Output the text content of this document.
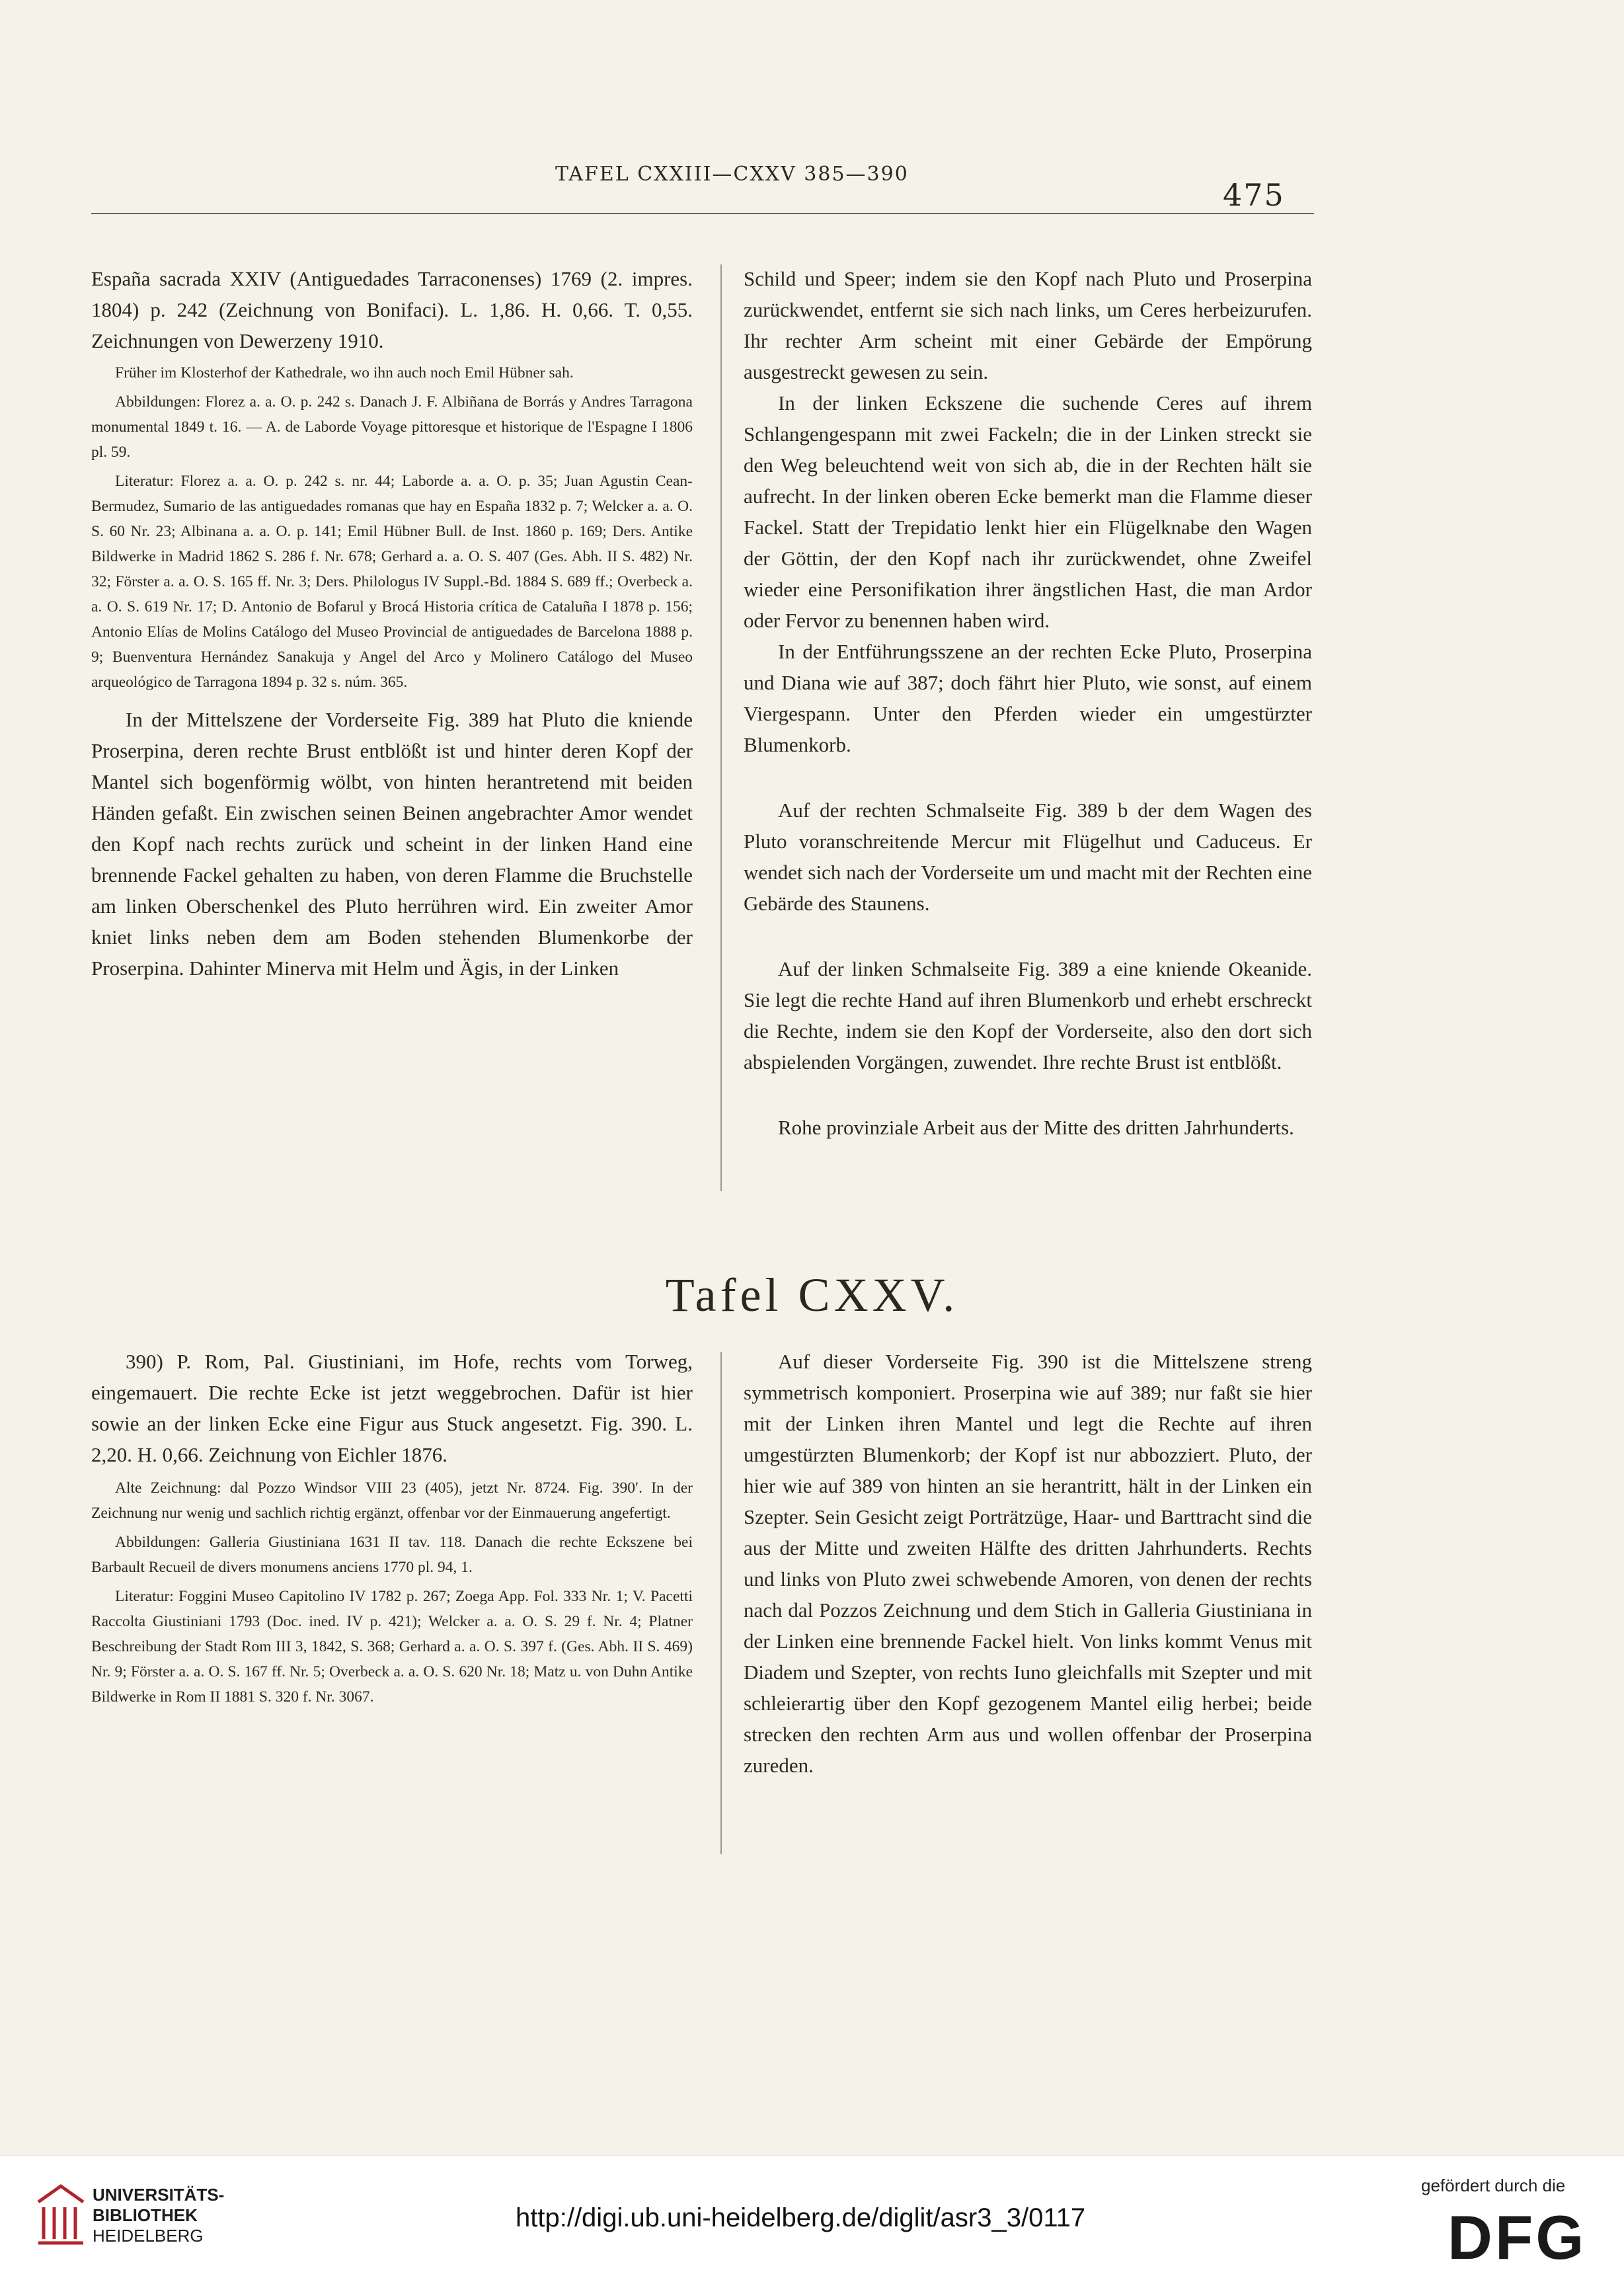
TAFEL CXXIII—CXXV 385—390
475

España sacrada XXIV (Antiguedades Tarraconenses) 1769 (2. impres. 1804) p. 242 (Zeichnung von Bonifaci). L. 1,86. H. 0,66. T. 0,55. Zeichnungen von Dewerzeny 1910.

Früher im Klosterhof der Kathedrale, wo ihn auch noch Emil Hübner sah.

Abbildungen: Florez a. a. O. p. 242 s. Danach J. F. Albiñana de Borrás y Andres Tarragona monumental 1849 t. 16. — A. de Laborde Voyage pittoresque et historique de l'Espagne I 1806 pl. 59.

Literatur: Florez a. a. O. p. 242 s. nr. 44; Laborde a. a. O. p. 35; Juan Agustin Cean-Bermudez, Sumario de las antiguedades romanas que hay en España 1832 p. 7; Welcker a. a. O. S. 60 Nr. 23; Albinana a. a. O. p. 141; Emil Hübner Bull. de Inst. 1860 p. 169; Ders. Antike Bildwerke in Madrid 1862 S. 286 f. Nr. 678; Gerhard a. a. O. S. 407 (Ges. Abh. II S. 482) Nr. 32; Förster a. a. O. S. 165 ff. Nr. 3; Ders. Philologus IV Suppl.-Bd. 1884 S. 689 ff.; Overbeck a. a. O. S. 619 Nr. 17; D. Antonio de Bofarul y Brocá Historia crítica de Cataluña I 1878 p. 156; Antonio Elías de Molins Catálogo del Museo Provincial de antiguedades de Barcelona 1888 p. 9; Buenventura Hernández Sanakuja y Angel del Arco y Molinero Catálogo del Museo arqueológico de Tarragona 1894 p. 32 s. núm. 365.

In der Mittelszene der Vorderseite Fig. 389 hat Pluto die kniende Proserpina, deren rechte Brust entblößt ist und hinter deren Kopf der Mantel sich bogenförmig wölbt, von hinten herantretend mit beiden Händen gefaßt. Ein zwischen seinen Beinen angebrachter Amor wendet den Kopf nach rechts zurück und scheint in der linken Hand eine brennende Fackel gehalten zu haben, von deren Flamme die Bruchstelle am linken Oberschenkel des Pluto herrühren wird. Ein zweiter Amor kniet links neben dem am Boden stehenden Blumenkorbe der Proserpina. Dahinter Minerva mit Helm und Ägis, in der Linken

Schild und Speer; indem sie den Kopf nach Pluto und Proserpina zurückwendet, entfernt sie sich nach links, um Ceres herbeizurufen. Ihr rechter Arm scheint mit einer Gebärde der Empörung ausgestreckt gewesen zu sein.

In der linken Eckszene die suchende Ceres auf ihrem Schlangengespann mit zwei Fackeln; die in der Linken streckt sie den Weg beleuchtend weit von sich ab, die in der Rechten hält sie aufrecht. In der linken oberen Ecke bemerkt man die Flamme dieser Fackel. Statt der Trepidatio lenkt hier ein Flügelknabe den Wagen der Göttin, der den Kopf nach ihr zurückwendet, ohne Zweifel wieder eine Personifikation ihrer ängstlichen Hast, die man Ardor oder Fervor zu benennen haben wird.

In der Entführungsszene an der rechten Ecke Pluto, Proserpina und Diana wie auf 387; doch fährt hier Pluto, wie sonst, auf einem Viergespann. Unter den Pferden wieder ein umgestürzter Blumenkorb.

Auf der rechten Schmalseite Fig. 389 b der dem Wagen des Pluto voranschreitende Mercur mit Flügelhut und Caduceus. Er wendet sich nach der Vorderseite um und macht mit der Rechten eine Gebärde des Staunens.

Auf der linken Schmalseite Fig. 389 a eine kniende Okeanide. Sie legt die rechte Hand auf ihren Blumenkorb und erhebt erschreckt die Rechte, indem sie den Kopf der Vorderseite, also den dort sich abspielenden Vorgängen, zuwendet. Ihre rechte Brust ist entblößt.

Rohe provinziale Arbeit aus der Mitte des dritten Jahrhunderts.

Tafel CXXV.

390) P. Rom, Pal. Giustiniani, im Hofe, rechts vom Torweg, eingemauert. Die rechte Ecke ist jetzt weggebrochen. Dafür ist hier sowie an der linken Ecke eine Figur aus Stuck angesetzt. Fig. 390. L. 2,20. H. 0,66. Zeichnung von Eichler 1876.

Alte Zeichnung: dal Pozzo Windsor VIII 23 (405), jetzt Nr. 8724. Fig. 390′. In der Zeichnung nur wenig und sachlich richtig ergänzt, offenbar vor der Einmauerung angefertigt.

Abbildungen: Galleria Giustiniana 1631 II tav. 118. Danach die rechte Eckszene bei Barbault Recueil de divers monumens anciens 1770 pl. 94, 1.

Literatur: Foggini Museo Capitolino IV 1782 p. 267; Zoega App. Fol. 333 Nr. 1; V. Pacetti Raccolta Giustiniani 1793 (Doc. ined. IV p. 421); Welcker a. a. O. S. 29 f. Nr. 4; Platner Beschreibung der Stadt Rom III 3, 1842, S. 368; Gerhard a. a. O. S. 397 f. (Ges. Abh. II S. 469) Nr. 9; Förster a. a. O. S. 167 ff. Nr. 5; Overbeck a. a. O. S. 620 Nr. 18; Matz u. von Duhn Antike Bildwerke in Rom II 1881 S. 320 f. Nr. 3067.

Auf dieser Vorderseite Fig. 390 ist die Mittelszene streng symmetrisch komponiert. Proserpina wie auf 389; nur faßt sie hier mit der Linken ihren Mantel und legt die Rechte auf ihren umgestürzten Blumenkorb; der Kopf ist nur abbozziert. Pluto, der hier wie auf 389 von hinten an sie herantritt, hält in der Linken ein Szepter. Sein Gesicht zeigt Porträtzüge, Haar- und Barttracht sind die aus der Mitte und zweiten Hälfte des dritten Jahrhunderts. Rechts und links von Pluto zwei schwebende Amoren, von denen der rechts nach dal Pozzos Zeichnung und dem Stich in Galleria Giustiniana in der Linken eine brennende Fackel hielt. Von links kommt Venus mit Diadem und Szepter, von rechts Iuno gleichfalls mit Szepter und mit schleierartig über den Kopf gezogenem Mantel eilig herbei; beide strecken den rechten Arm aus und wollen offenbar der Proserpina zureden.

UNIVERSITÄTS-
BIBLIOTHEK
HEIDELBERG
http://digi.ub.uni-heidelberg.de/diglit/asr3_3/0117
gefördert durch die
DFG
